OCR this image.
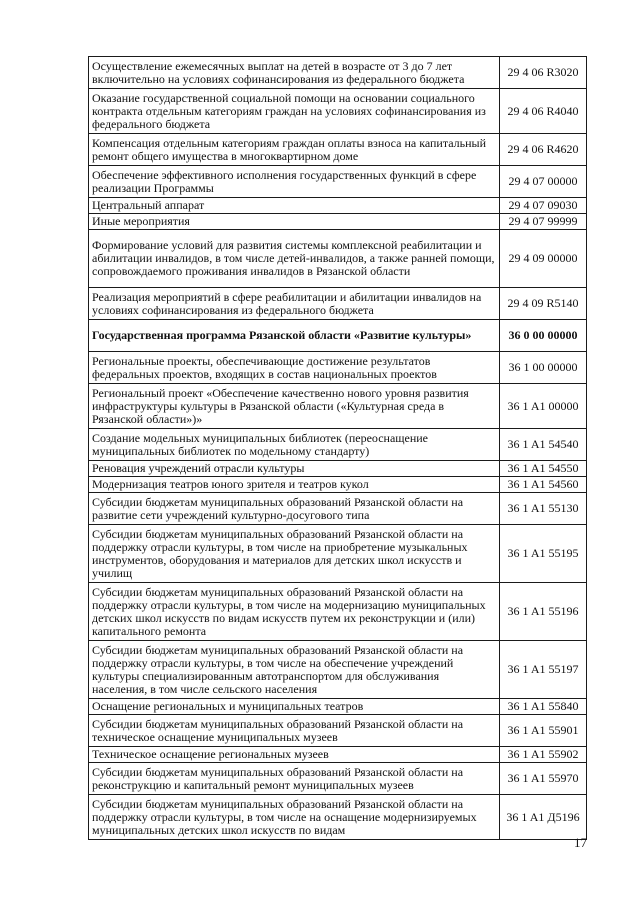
Осуществление ежемесячных выплат на детей в возрасте от 3 до 7 лет включительно на условиях софинансирования из федерального бюджета	29 4 06 R3020
Оказание государственной социальной помощи на основании социального контракта отдельным категориям граждан на условиях софинансирования из федерального бюджета	29 4 06 R4040
Компенсация отдельным категориям граждан оплаты взноса на капитальный ремонт общего имущества в многоквартирном доме	29 4 06 R4620
Обеспечение эффективного исполнения государственных функций в сфере реализации Программы	29 4 07 00000
Центральный аппарат	29 4 07 09030
Иные мероприятия	29 4 07 99999
Формирование условий для развития системы комплексной реабилитации и абилитации инвалидов, в том числе детей-инвалидов, а также ранней помощи, сопровождаемого проживания инвалидов в Рязанской области	29 4 09 00000
Реализация мероприятий в сфере реабилитации и абилитации инвалидов на условиях софинансирования из федерального бюджета	29 4 09 R5140
Государственная программа Рязанской области «Развитие культуры»	36 0 00 00000
Региональные проекты, обеспечивающие достижение результатов федеральных проектов, входящих в состав национальных проектов	36 1 00 00000
Региональный проект «Обеспечение качественно нового уровня развития инфраструктуры культуры в Рязанской области («Культурная среда в Рязанской области»)»	36 1 A1 00000
Создание модельных муниципальных библиотек (переоснащение муниципальных библиотек по модельному стандарту)	36 1 A1 54540
Реновация учреждений отрасли культуры	36 1 A1 54550
Модернизация театров юного зрителя и театров кукол	36 1 A1 54560
Субсидии бюджетам муниципальных образований Рязанской области на развитие сети учреждений культурно-досугового типа	36 1 A1 55130
Субсидии бюджетам муниципальных образований Рязанской области на поддержку отрасли культуры, в том числе на приобретение музыкальных инструментов, оборудования и материалов для детских школ искусств и училищ	36 1 A1 55195
Субсидии бюджетам муниципальных образований Рязанской области на поддержку отрасли культуры, в том числе на модернизацию муниципальных детских школ искусств по видам искусств путем их реконструкции и (или) капитального ремонта	36 1 A1 55196
Субсидии бюджетам муниципальных образований Рязанской области на поддержку отрасли культуры, в том числе на обеспечение учреждений культуры специализированным автотранспортом для обслуживания населения, в том числе сельского населения	36 1 A1 55197
Оснащение региональных и муниципальных театров	36 1 A1 55840
Субсидии бюджетам муниципальных образований Рязанской области на техническое оснащение муниципальных музеев	36 1 A1 55901
Техническое оснащение региональных музеев	36 1 A1 55902
Субсидии бюджетам муниципальных образований Рязанской области на реконструкцию и капитальный ремонт муниципальных музеев	36 1 A1 55970
Субсидии бюджетам муниципальных образований Рязанской области на поддержку отрасли культуры, в том числе на оснащение модернизируемых муниципальных детских школ искусств по видам	36 1 A1 Д5196
17
